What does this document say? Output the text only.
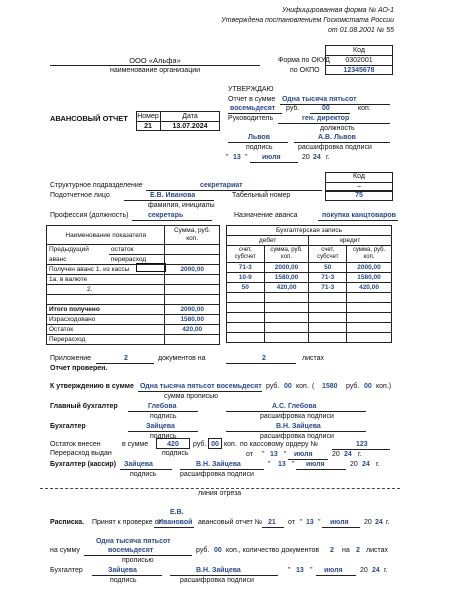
Унифицированная форма № АО-1
Утверждена постановлением Госкомстата России
от 01.08.2001 № 55
Код
Форма по ОКУД	0302001
по ОКПО	12345678
ООО «Альфа»
наименование организации
УТВЕРЖДАЮ
Отчет в сумме Одна тысяча пятьсот
восемьдесят руб.	00	коп.
Руководитель	ген. директор
должность
Львов	А.В. Львов
подпись	расшифровка подписи
" 13 " июля	20 24 г.
АВАНСОВЫЙ ОТЧЕТ Номер	Дата
21	13.07.2024
Код
–
Структурное подразделение	секретариат
Подотчетное лицо	Е.В. Иванова	Табельный номер	75
фамилия, инициалы
Профессия (должность)	секретарь	Назначение аванса	покупка канцтоваров
Наименование показателя		Сумма, руб. коп.
Предыдущий	остаток	
аванс	перерасход	
Получен аванс 1. из кассы		2000,00
1а. в валюте		
2.		

Итого получено		2000,00
Израсходовано		1580,00
Остаток		420,00
Перерасход		
Бухгалтерская запись			
дебет		кредит	
счет, субсчет	сумма, руб. коп.	счет, субсчет	сумма, руб. коп.
71-3	2000,00	50	2000,00
10-9	1580,00	71-3	1580,00
50	420,00	71-3	420,00

Приложение	2	документов на	2	листах
Отчет проверен.
К утверждению в сумме Одна тысяча пятьсот восемьдесят руб. 00 коп. ( 1580 руб. 00 коп.)
сумма прописью
Главный бухгалтер	Глебова	А.С. Глебова
подпись	расшифровка подписи
Бухгалтер	Зайцева	В.Н. Зайцева
подпись	расшифровка подписи
Остаток внесен
Перерасход выдан
в сумме	420	руб. 00 коп. по кассовому ордеру №	123
подпись	от " 13 " июля	20 24 г.
Бухгалтер (кассир) Зайцева	В.Н. Зайцева
подпись	расшифровка подписи
" 13 " июля	20 24 г.
линия отреза
Е.В.
Расписка. Принят к проверке от
Ивановой авансовый отчет № 21 от " 13 " июля 20 24 г.
Одна тысяча пятьсот
на сумму	восемьдесят	руб. 00 коп., количество документов 2 на 2 листах
прописью
Бухгалтер	Зайцева	В.Н. Зайцева
подпись	расшифровка подписи
" 13 " июля 20 24 г.
